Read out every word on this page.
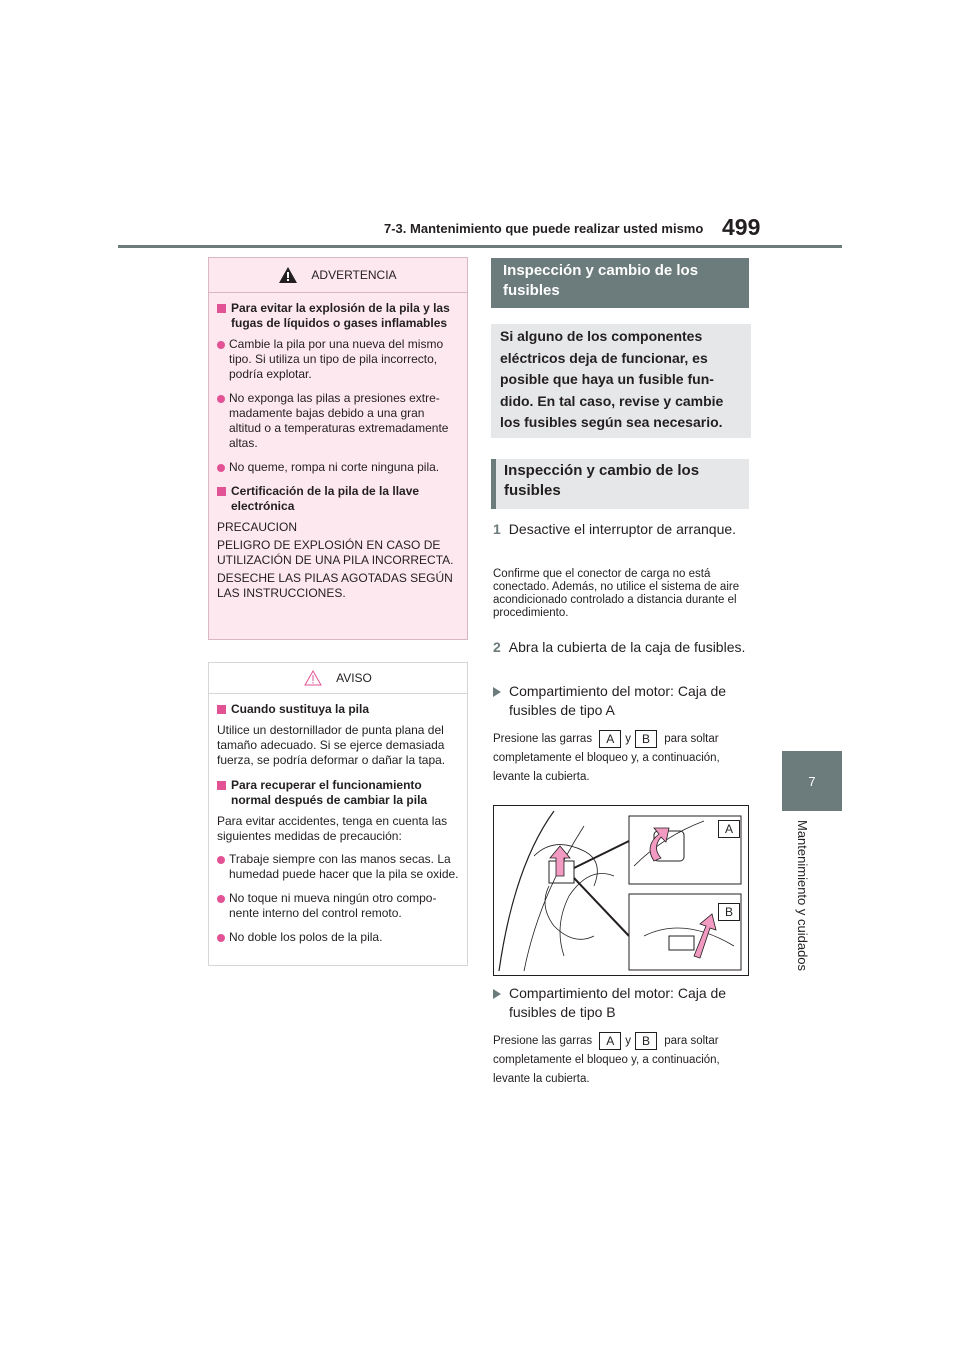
7-3. Mantenimiento que puede realizar usted mismo 499
7
Mantenimiento y cuidados
ADVERTENCIA
Para evitar la explosión de la pila y las fugas de líquidos o gases inflamables
Cambie la pila por una nueva del mismo tipo. Si utiliza un tipo de pila incorrecto, podría explotar.
No exponga las pilas a presiones extremadamente bajas debido a una gran altitud o a temperaturas extremadamente altas.
No queme, rompa ni corte ninguna pila.
Certificación de la pila de la llave electrónica
PRECAUCION
PELIGRO DE EXPLOSIÓN EN CASO DE UTILIZACIÓN DE UNA PILA INCORRECTA.
DESECHE LAS PILAS AGOTADAS SEGÚN LAS INSTRUCCIONES.
AVISO
Cuando sustituya la pila
Utilice un destornillador de punta plana del tamaño adecuado. Si se ejerce demasiada fuerza, se podría deformar o dañar la tapa.
Para recuperar el funcionamiento normal después de cambiar la pila
Para evitar accidentes, tenga en cuenta las siguientes medidas de precaución:
Trabaje siempre con las manos secas. La humedad puede hacer que la pila se oxide.
No toque ni mueva ningún otro componente interno del control remoto.
No doble los polos de la pila.
Inspección y cambio de los fusibles
Si alguno de los componentes eléctricos deja de funcionar, es posible que haya un fusible fundido. En tal caso, revise y cambie los fusibles según sea necesario.
Inspección y cambio de los fusibles
1 Desactive el interruptor de arranque.
Confirme que el conector de carga no está conectado. Además, no utilice el sistema de aire acondicionado controlado a distancia durante el procedimiento.
2 Abra la cubierta de la caja de fusibles.
Compartimiento del motor: Caja de fusibles de tipo A
Presione las garras A y B para soltar
completamente el bloqueo y, a continuación, levante la cubierta.
A
B
Compartimiento del motor: Caja de fusibles de tipo B
Presione las garras A y B para soltar
completamente el bloqueo y, a continuación, levante la cubierta.
